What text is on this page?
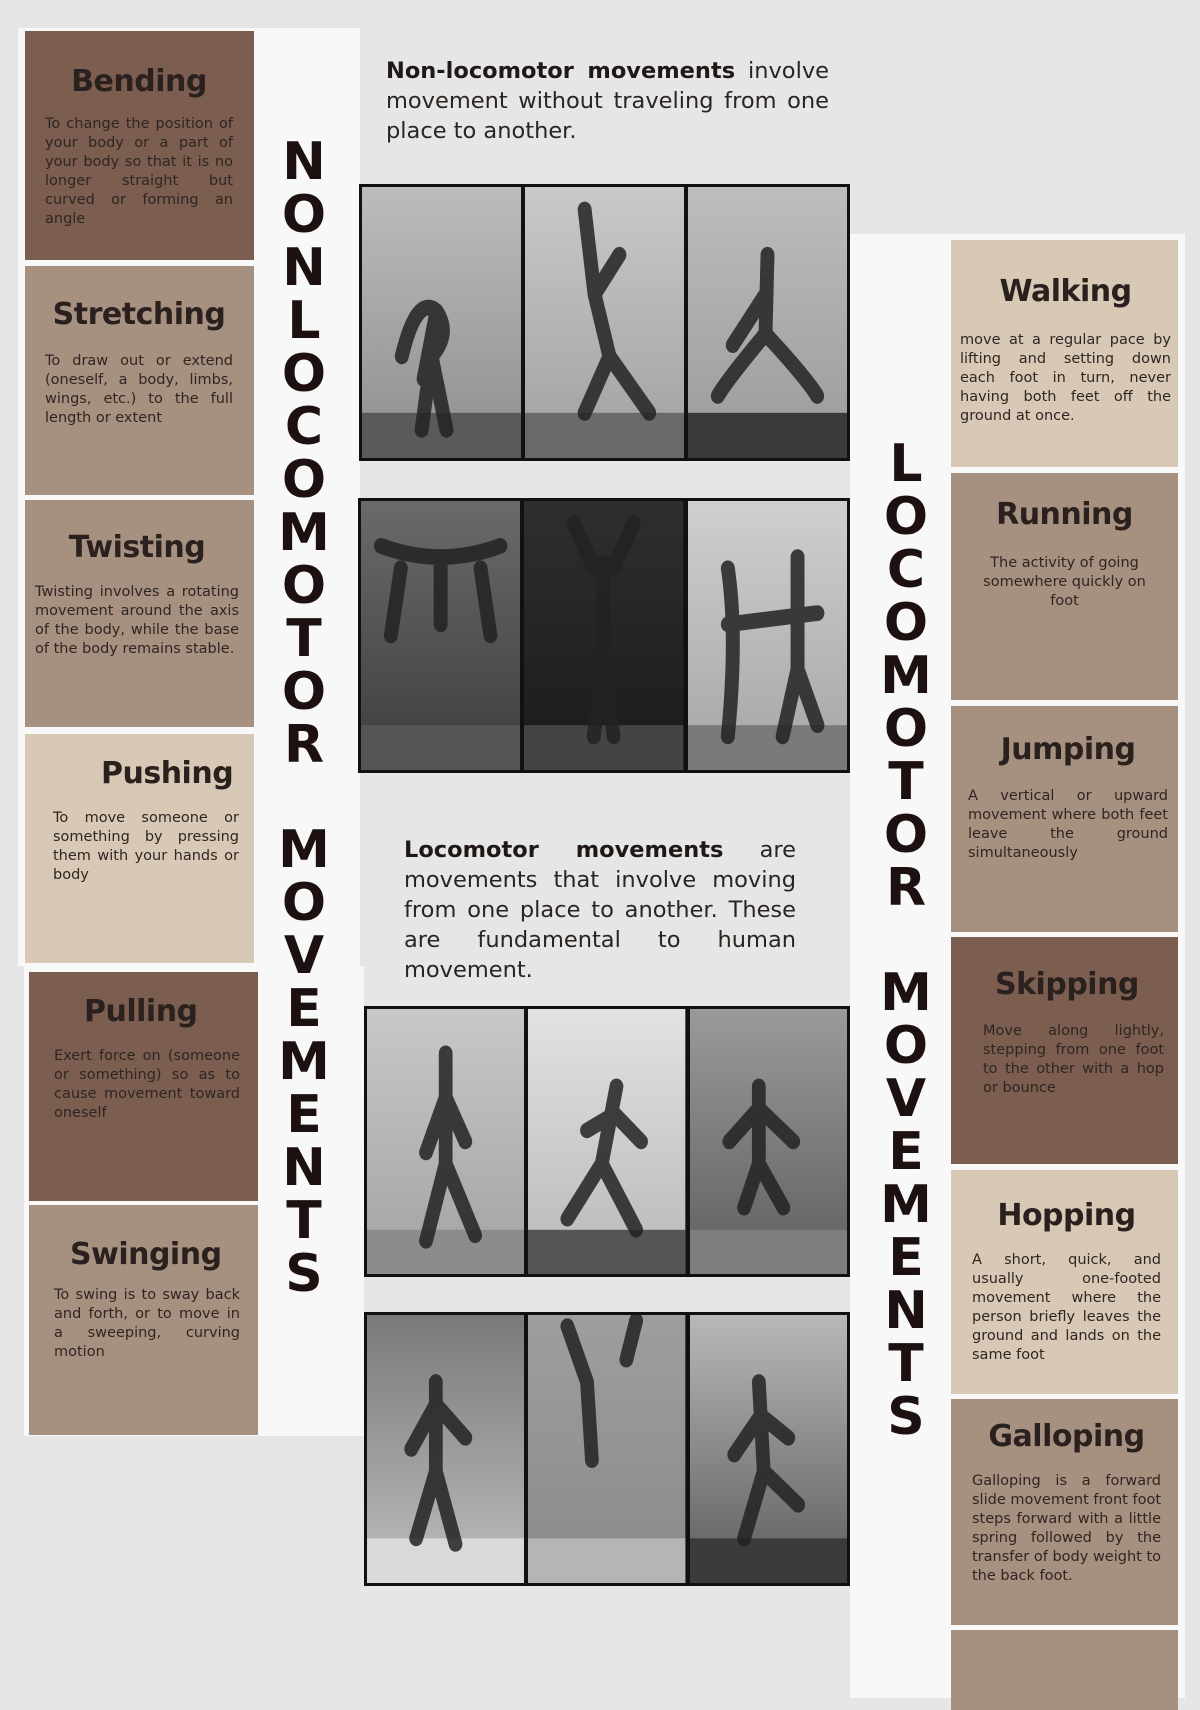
Bending

To change the position of your body or a part of your body so that it is no longer straight but curved or forming an angle

Stretching

To draw out or extend (oneself, a body, limbs, wings, etc.) to the full length or extent

Twisting

Twisting involves a rotating movement around the axis of the body, while the base of the body remains stable.

Pushing

To move someone or something by pressing them with your hands or body

Pulling

Exert force on (someone or something) so as to cause movement toward oneself

Swinging

To swing is to sway back and forth, or to move in a sweeping, curving motion

N
O
N
L
O
C
O
M
O
T
O
R
M
O
V
E
M
E
N
T
S
Walking

move at a regular pace by lifting and setting down each foot in turn, never having both feet off the ground at once.

Running

The activity of going somewhere quickly on foot

Jumping

A vertical or upward movement where both feet leave the ground simultaneously

Skipping

Move along lightly, stepping from one foot to the other with a hop or bounce

Hopping

A short, quick, and usually one-footed movement where the person briefly leaves the ground and lands on the same foot

Galloping

Galloping is a forward slide movement front foot steps forward with a little spring followed by the transfer of body weight to the back foot.

L
O
C
O
M
O
T
O
R
M
O
V
E
M
E
N
T
S
Non-locomotor movements involve movement without traveling from one place to another.
Locomotor movements are movements that involve moving from one place to another. These are fundamental to human movement.
